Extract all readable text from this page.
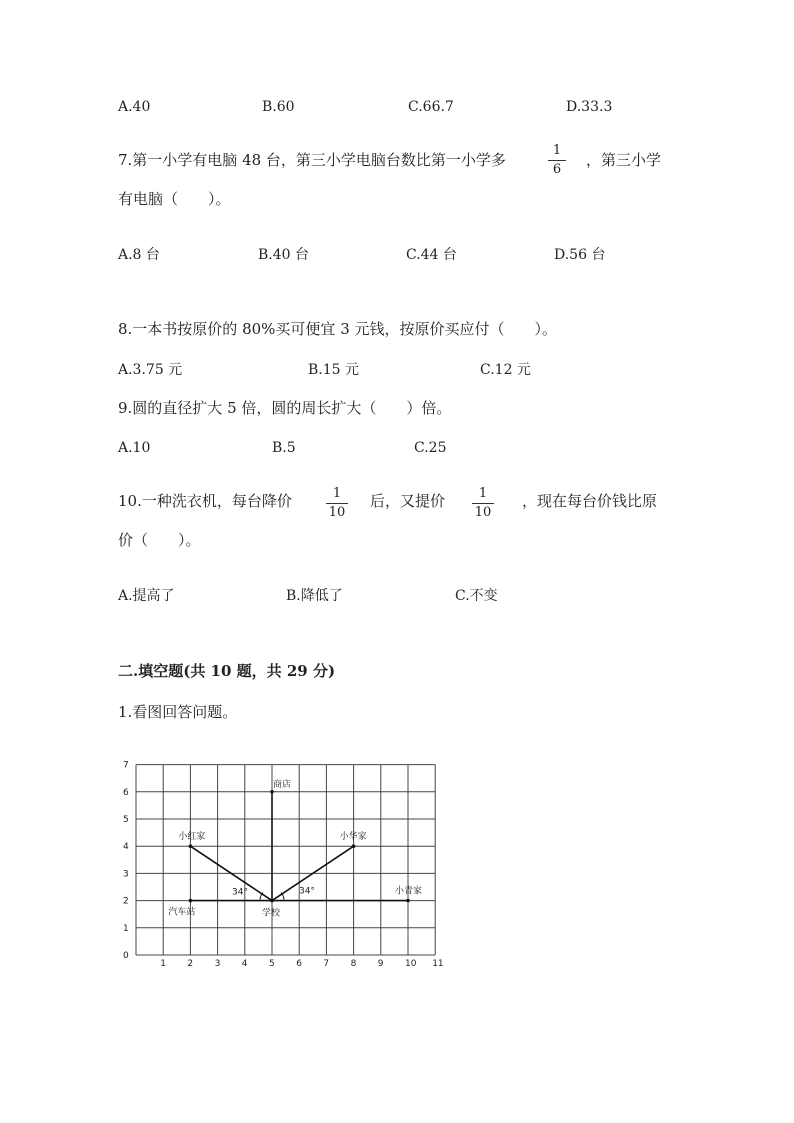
A.40	B.60	C.66.7	D.33.3
7.第一小学有电脑 48 台，第三小学电脑台数比第一小学多
1
6
，第三小学
有电脑（　　）。
A.8 台	B.40 台	C.44 台	D.56 台
8.一本书按原价的 80%买可便宜 3 元钱，按原价买应付（　　）。
A.3.75 元	B.15 元	C.12 元
9.圆的直径扩大 5 倍，圆的周长扩大（　　）倍。
A.10	B.5	C.25
10.一种洗衣机，每台降价	1
10
后，又提价	1
10
，现在每台价钱比原
价（　　）。
A.提高了	B.降低了	C.不变
二.填空题(共 10 题，共 29 分)
1.看图回答问题。
1 2 3 4 5 6 7 8 9 10 11
0
1
2
3
4
5
6
7
学校
商店
小红家	小华家
汽车站
小青家
34°	34°
